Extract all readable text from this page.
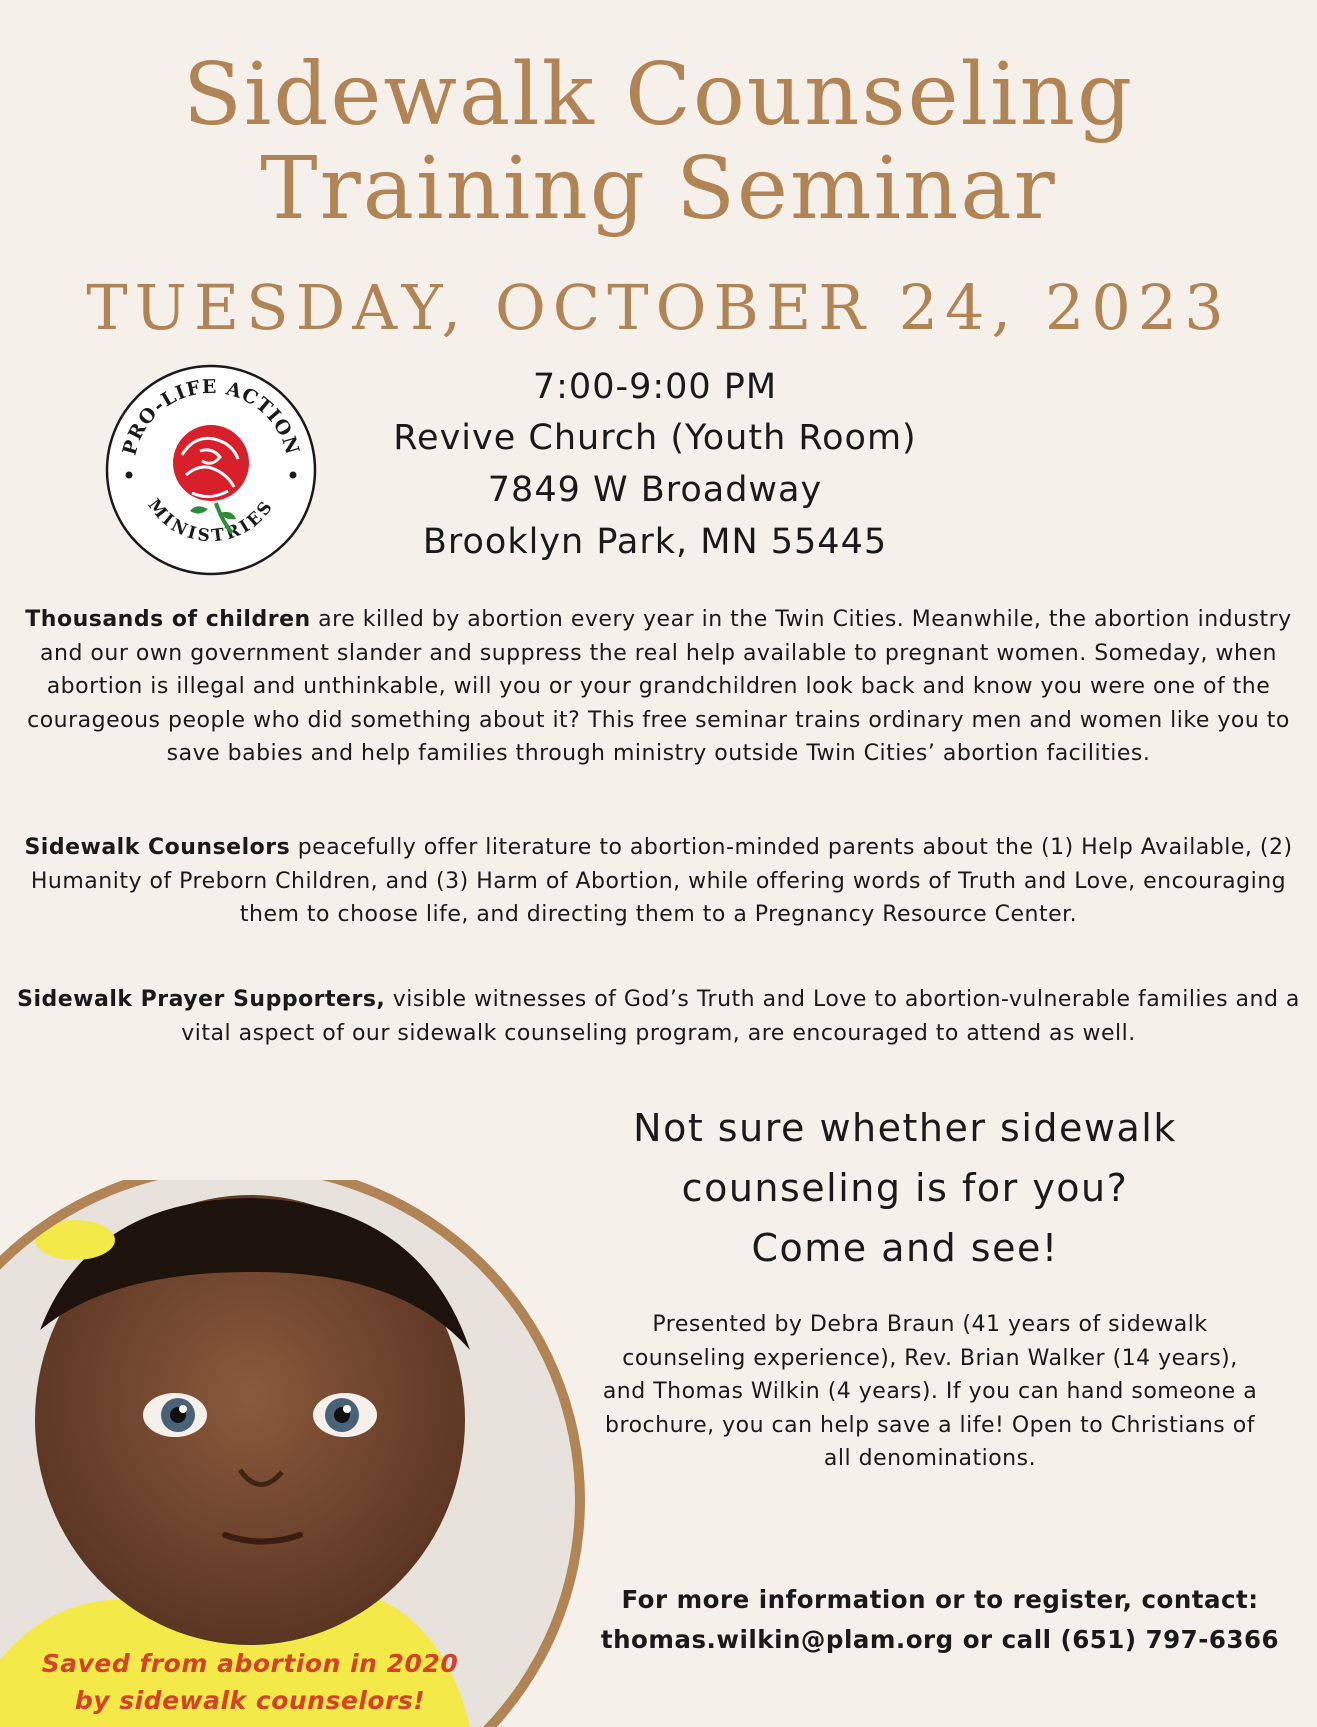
Sidewalk Counseling
Training Seminar
TUESDAY, OCTOBER 24, 2023
PRO-LIFE ACTION
MINISTRIES
7:00-9:00 PM
Revive Church (Youth Room)
7849 W Broadway
Brooklyn Park, MN 55445
Thousands of children are killed by abortion every year in the Twin Cities. Meanwhile, the abortion industry and our own government slander and suppress the real help available to pregnant women. Someday, when abortion is illegal and unthinkable, will you or your grandchildren look back and know you were one of the courageous people who did something about it? This free seminar trains ordinary men and women like you to save babies and help families through ministry outside Twin Cities’ abortion facilities.
Sidewalk Counselors peacefully offer literature to abortion-minded parents about the (1) Help Available, (2) Humanity of Preborn Children, and (3) Harm of Abortion, while offering words of Truth and Love, encouraging them to choose life, and directing them to a Pregnancy Resource Center.
Sidewalk Prayer Supporters, visible witnesses of God’s Truth and Love to abortion-vulnerable families and a vital aspect of our sidewalk counseling program, are encouraged to attend as well.
Not sure whether sidewalk
counseling is for you?
Come and see!
Presented by Debra Braun (41 years of sidewalk counseling experience), Rev. Brian Walker (14 years), and Thomas Wilkin (4 years). If you can hand someone a brochure, you can help save a life! Open to Christians of all denominations.
Saved from abortion in 2020
by sidewalk counselors!
For more information or to register, contact:
thomas.wilkin@plam.org or call (651) 797-6366
